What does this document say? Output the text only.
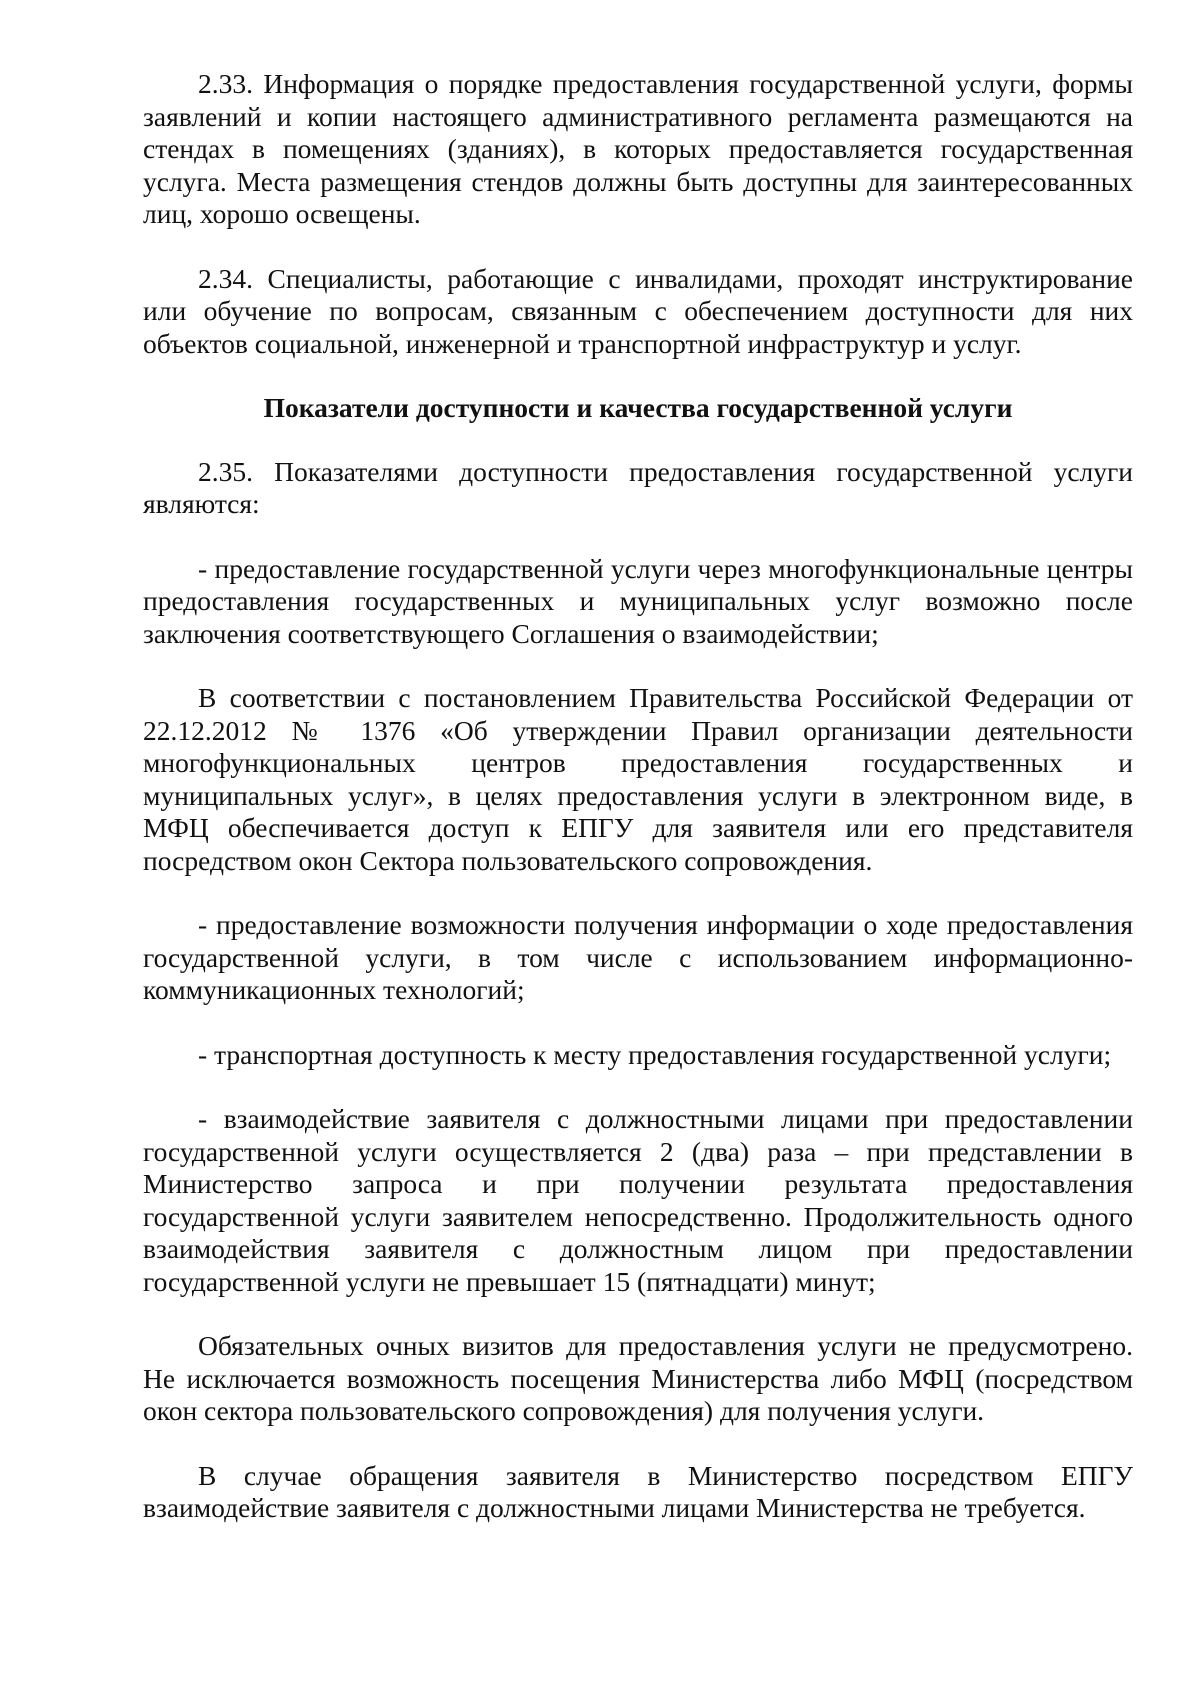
2.33. Информация о порядке предоставления государственной услуги, формы заявлений и копии настоящего административного регламента размещаются на стендах в помещениях (зданиях), в которых предоставляется государственная услуга. Места размещения стендов должны быть доступны для заинтересованных лиц, хорошо освещены.

2.34. Специалисты, работающие с инвалидами, проходят инструктирование или обучение по вопросам, связанным с обеспечением доступности для них объектов социальной, инженерной и транспортной инфраструктур и услуг.

Показатели доступности и качества государственной услуги

2.35. Показателями доступности предоставления государственной услуги являются:

- предоставление государственной услуги через многофункциональные центры предоставления государственных и муниципальных услуг возможно после заключения соответствующего Соглашения о взаимодействии;

В соответствии с постановлением Правительства Российской Федерации от 22.12.2012 № 1376 «Об утверждении Правил организации деятельности многофункциональных центров предоставления государственных и муниципальных услуг», в целях предоставления услуги в электронном виде, в МФЦ обеспечивается доступ к ЕПГУ для заявителя или его представителя посредством окон Сектора пользовательского сопровождения.

- предоставление возможности получения информации о ходе предоставления государственной услуги, в том числе с использованием информационно-коммуникационных технологий;

- транспортная доступность к месту предоставления государственной услуги;

- взаимодействие заявителя с должностными лицами при предоставлении государственной услуги осуществляется 2 (два) раза – при представлении в Министерство запроса и при получении результата предоставления государственной услуги заявителем непосредственно. Продолжительность одного взаимодействия заявителя с должностным лицом при предоставлении государственной услуги не превышает 15 (пятнадцати) минут;

Обязательных очных визитов для предоставления услуги не предусмотрено. Не исключается возможность посещения Министерства либо МФЦ (посредством окон сектора пользовательского сопровождения) для получения услуги.

В случае обращения заявителя в Министерство посредством ЕПГУ взаимодействие заявителя с должностными лицами Министерства не требуется.
